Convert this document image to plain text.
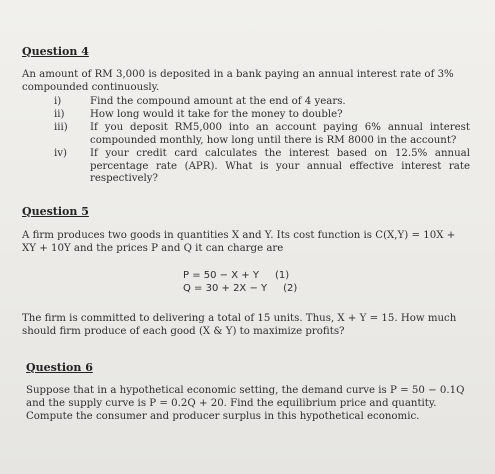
Question 4
An amount of RM 3,000 is deposited in a bank paying an annual interest rate of 3%
compounded continuously.
i)	Find the compound amount at the end of 4 years.
ii)	How long would it take for the money to double?
iii)	If you deposit RM5,000 into an account paying 6% annual interest compounded monthly, how long until there is RM 8000 in the account?
iv)	If your credit card calculates the interest based on 12.5% annual percentage rate (APR). What is your annual effective interest rate respectively?
Question 5
A firm produces two goods in quantities X and Y. Its cost function is C(X,Y) = 10X +
XY + 10Y and the prices P and Q it can charge are
P = 50 − X + Y (1)
Q = 30 + 2X − Y (2)
The firm is committed to delivering a total of 15 units. Thus, X + Y = 15. How much
should firm produce of each good (X & Y) to maximize profits?
Question 6
Suppose that in a hypothetical economic setting, the demand curve is P = 50 − 0.1Q
and the supply curve is P = 0.2Q + 20. Find the equilibrium price and quantity.
Compute the consumer and producer surplus in this hypothetical economic.
